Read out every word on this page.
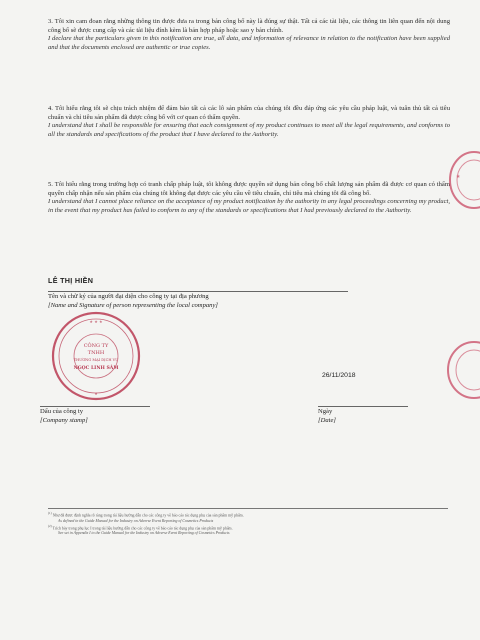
3. Tôi xin cam đoan rằng những thông tin được đưa ra trong bản công bố này là đúng sự thật. Tất cả các tài liệu, các thông tin liên quan đến nội dung công bố sẽ được cung cấp và các tài liệu đính kèm là bản hợp pháp hoặc sao y bản chính.

I declare that the particulars given in this notification are true, all data, and information of relevance in relation to the notification have been supplied and that the documents enclosed are authentic or true copies.

4. Tôi hiểu rằng tôi sẽ chịu trách nhiệm để đảm bảo tất cả các lô sản phẩm của chúng tôi đều đáp ứng các yêu cầu pháp luật, và tuân thủ tất cả tiêu chuẩn và chỉ tiêu sản phẩm đã được công bố với cơ quan có thẩm quyền.

I understand that I shall be responsible for ensuring that each consignment of my product continues to meet all the legal requirements, and conforms to all the standards and specifications of the product that I have declared to the Authority.

5. Tôi hiểu rằng trong trường hợp có tranh chấp pháp luật, tôi không được quyền sử dụng bản công bố chất lượng sản phẩm đã được cơ quan có thẩm quyền chấp nhận nếu sản phẩm của chúng tôi không đạt được các yêu cầu về tiêu chuẩn, chỉ tiêu mà chúng tôi đã công bố.

I understand that I cannot place reliance on the acceptance of my product notification by the authority in any legal proceedings concerning my product, in the event that my product has failed to conform to any of the standards or specifications that I had previously declared to the Authority.

★
LÊ THỊ HIỀN
Tên và chữ ký của người đại diện cho công ty tại địa phương
[Name and Signature of person representing the local company]
★ ★ ★
★
CÔNG TY
TNHH
THƯƠNG MẠI DỊCH VỤ
NGỌC LINH SÂM
26/11/2018
Dấu của công ty
[Company stamp]
Ngày
[Date]

$^{(1)}$ Như đã được định nghĩa rõ ràng trong tài liệu hướng dẫn cho các công ty về báo cáo tác dụng phụ của sản phẩm mỹ phẩm.

As defined in the Guide Manual for the Industry on Adverse Event Reporting of Cosmetics Products

$^{(2)}$ Trích bảy trong phụ lục I trong tài liệu hướng dẫn cho các công ty về báo cáo tác dụng phụ của sản phẩm mỹ phẩm.

See set in Appendix I to the Guide Manual for the Industry on Adverse Event Reporting of Cosmetics Products
